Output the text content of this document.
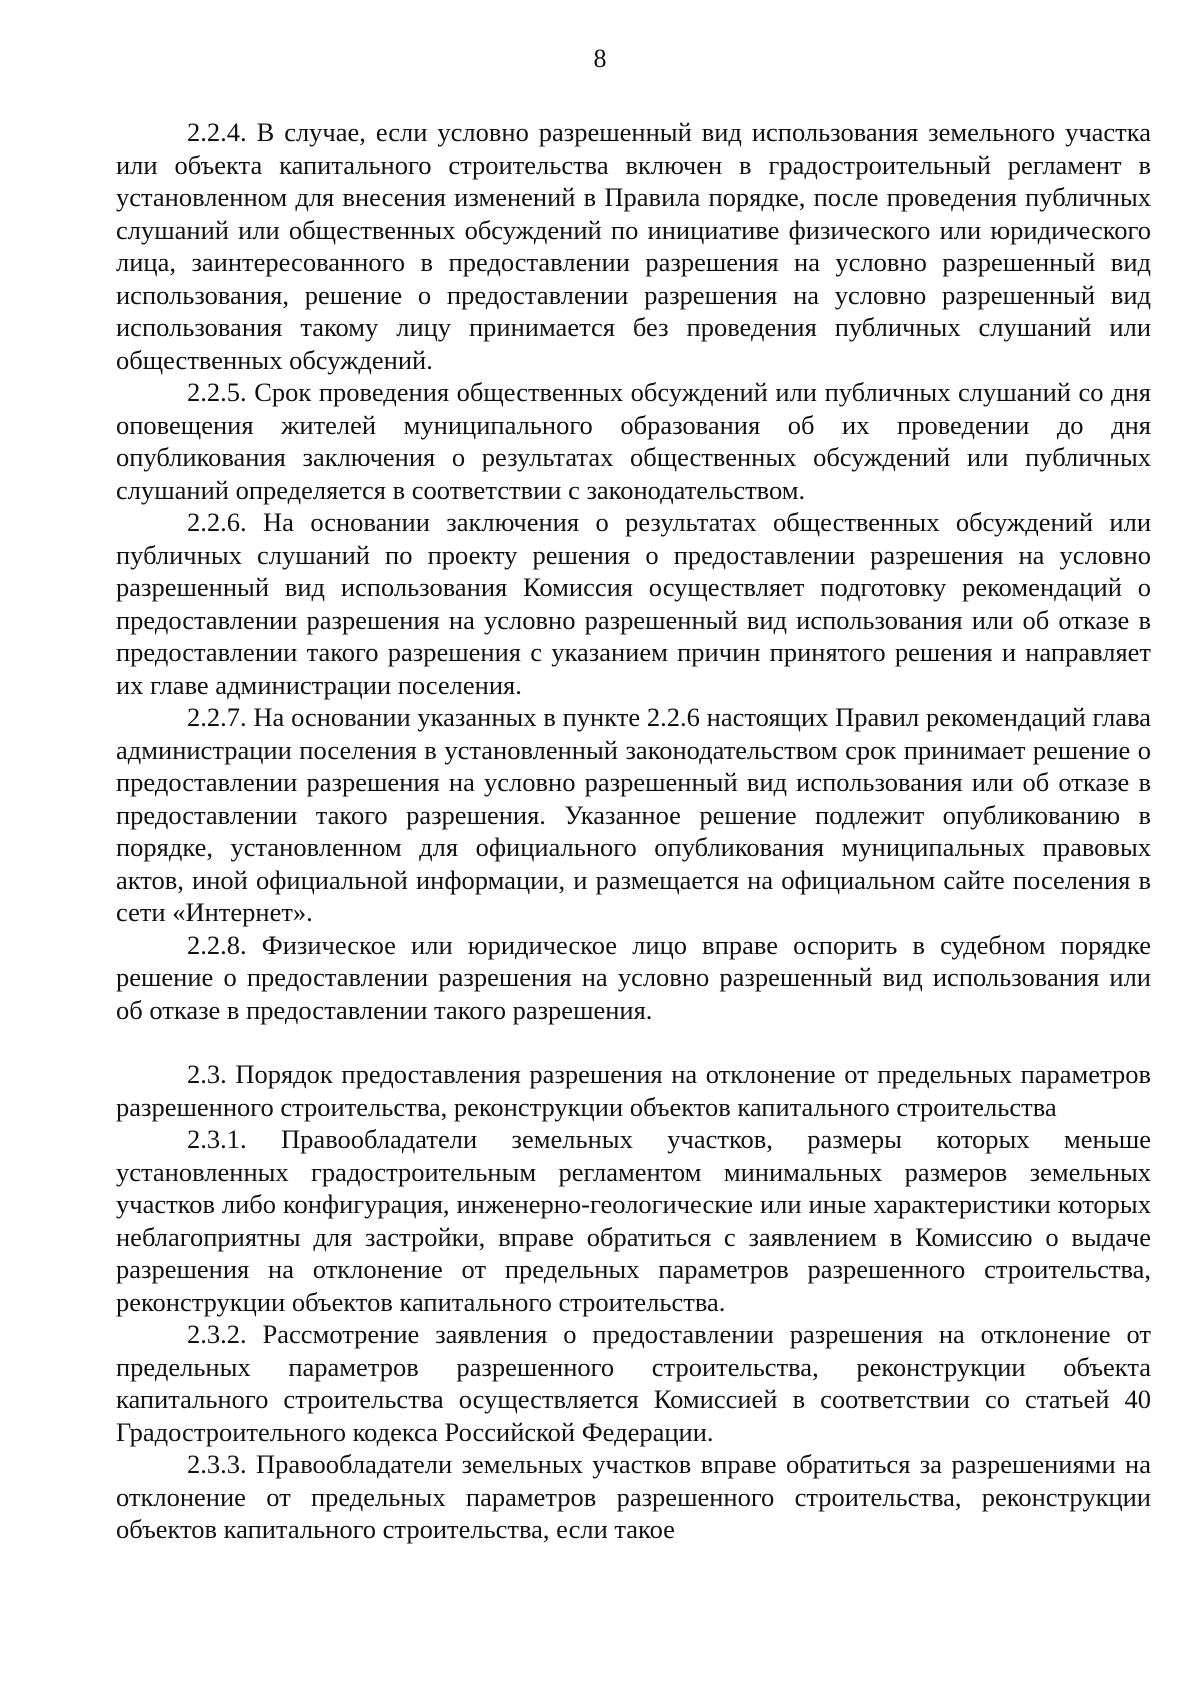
8

2.2.4. В случае, если условно разрешенный вид использования земельного участка или объекта капитального строительства включен в градостроительный регламент в установленном для внесения изменений в Правила порядке, после проведения публичных слушаний или общественных обсуждений по инициативе физического или юридического лица, заинтересованного в предоставлении разрешения на условно разрешенный вид использования, решение о предоставлении разрешения на условно разрешенный вид использования такому лицу принимается без проведения публичных слушаний или общественных обсуждений.

2.2.5. Срок проведения общественных обсуждений или публичных слушаний со дня оповещения жителей муниципального образования об их проведении до дня опубликования заключения о результатах общественных обсуждений или публичных слушаний определяется в соответствии с законодательством.

2.2.6. На основании заключения о результатах общественных обсуждений или публичных слушаний по проекту решения о предоставлении разрешения на условно разрешенный вид использования Комиссия осуществляет подготовку рекомендаций о предоставлении разрешения на условно разрешенный вид использования или об отказе в предоставлении такого разрешения с указанием причин принятого решения и направляет их главе администрации поселения.

2.2.7. На основании указанных в пункте 2.2.6 настоящих Правил рекомендаций глава администрации поселения в установленный законодательством срок принимает решение о предоставлении разрешения на условно разрешенный вид использования или об отказе в предоставлении такого разрешения. Указанное решение подлежит опубликованию в порядке, установленном для официального опубликования муниципальных правовых актов, иной официальной информации, и размещается на официальном сайте поселения в сети «Интернет».

2.2.8. Физическое или юридическое лицо вправе оспорить в судебном порядке решение о предоставлении разрешения на условно разрешенный вид использования или об отказе в предоставлении такого разрешения.

2.3. Порядок предоставления разрешения на отклонение от предельных параметров разрешенного строительства, реконструкции объектов капитального строительства

2.3.1. Правообладатели земельных участков, размеры которых меньше установленных градостроительным регламентом минимальных размеров земельных участков либо конфигурация, инженерно-геологические или иные характеристики которых неблагоприятны для застройки, вправе обратиться с заявлением в Комиссию о выдаче разрешения на отклонение от предельных параметров разрешенного строительства, реконструкции объектов капитального строительства.

2.3.2. Рассмотрение заявления о предоставлении разрешения на отклонение от предельных параметров разрешенного строительства, реконструкции объекта капитального строительства осуществляется Комиссией в соответствии со статьей 40 Градостроительного кодекса Российской Федерации.

2.3.3. Правообладатели земельных участков вправе обратиться за разрешениями на отклонение от предельных параметров разрешенного строительства, реконструкции объектов капитального строительства, если такое
